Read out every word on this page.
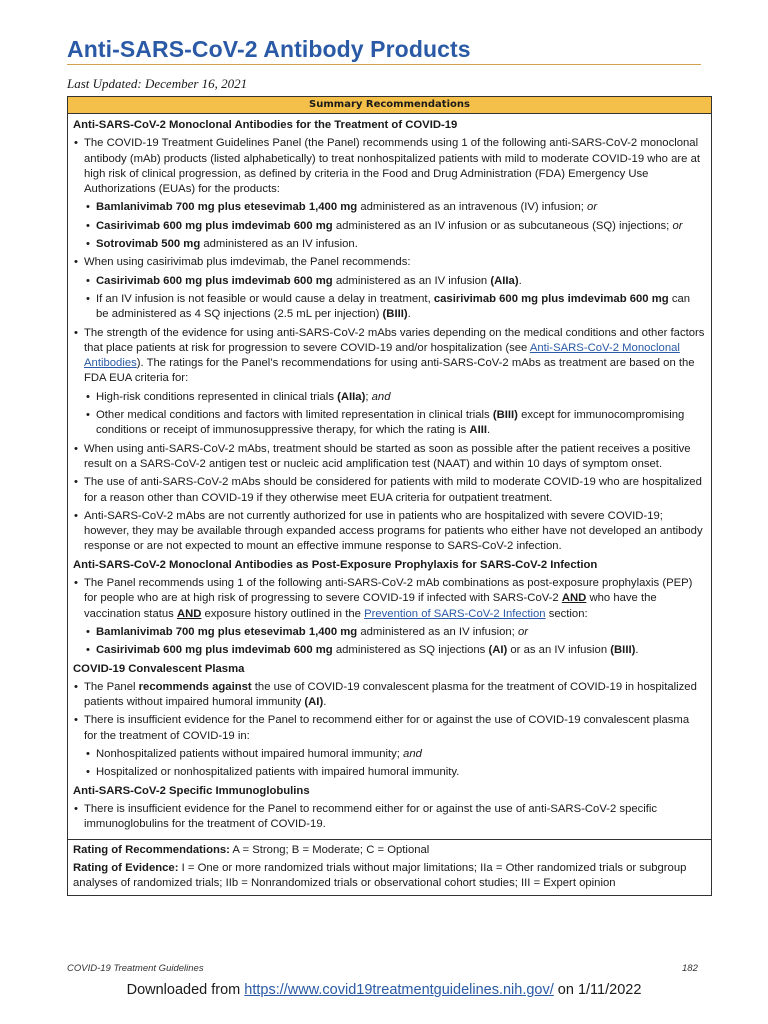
Anti-SARS-CoV-2 Antibody Products
Last Updated: December 16, 2021
Summary Recommendations
Anti-SARS-CoV-2 Monoclonal Antibodies for the Treatment of COVID-19
• The COVID-19 Treatment Guidelines Panel (the Panel) recommends using 1 of the following anti-SARS-CoV-2 monoclonal antibody (mAb) products (listed alphabetically) to treat nonhospitalized patients with mild to moderate COVID-19 who are at high risk of clinical progression, as defined by criteria in the Food and Drug Administration (FDA) Emergency Use Authorizations (EUAs) for the products:
• Bamlanivimab 700 mg plus etesevimab 1,400 mg administered as an intravenous (IV) infusion; or
• Casirivimab 600 mg plus imdevimab 600 mg administered as an IV infusion or as subcutaneous (SQ) injections; or
• Sotrovimab 500 mg administered as an IV infusion.
• When using casirivimab plus imdevimab, the Panel recommends:
• Casirivimab 600 mg plus imdevimab 600 mg administered as an IV infusion (AIIa).
• If an IV infusion is not feasible or would cause a delay in treatment, casirivimab 600 mg plus imdevimab 600 mg can be administered as 4 SQ injections (2.5 mL per injection) (BIII).
• The strength of the evidence for using anti-SARS-CoV-2 mAbs varies depending on the medical conditions and other factors that place patients at risk for progression to severe COVID-19 and/or hospitalization (see Anti-SARS-CoV-2 Monoclonal Antibodies). The ratings for the Panel’s recommendations for using anti-SARS-CoV-2 mAbs as treatment are based on the FDA EUA criteria for:
• High-risk conditions represented in clinical trials (AIIa); and
• Other medical conditions and factors with limited representation in clinical trials (BIII) except for immunocompromising conditions or receipt of immunosuppressive therapy, for which the rating is AIII.
• When using anti-SARS-CoV-2 mAbs, treatment should be started as soon as possible after the patient receives a positive result on a SARS-CoV-2 antigen test or nucleic acid amplification test (NAAT) and within 10 days of symptom onset.
• The use of anti-SARS-CoV-2 mAbs should be considered for patients with mild to moderate COVID-19 who are hospitalized for a reason other than COVID-19 if they otherwise meet EUA criteria for outpatient treatment.
• Anti-SARS-CoV-2 mAbs are not currently authorized for use in patients who are hospitalized with severe COVID-19; however, they may be available through expanded access programs for patients who either have not developed an antibody response or are not expected to mount an effective immune response to SARS-CoV-2 infection.
Anti-SARS-CoV-2 Monoclonal Antibodies as Post-Exposure Prophylaxis for SARS-CoV-2 Infection
• The Panel recommends using 1 of the following anti-SARS-CoV-2 mAb combinations as post-exposure prophylaxis (PEP) for people who are at high risk of progressing to severe COVID-19 if infected with SARS-CoV-2 AND who have the vaccination status AND exposure history outlined in the Prevention of SARS-CoV-2 Infection section:
• Bamlanivimab 700 mg plus etesevimab 1,400 mg administered as an IV infusion; or
• Casirivimab 600 mg plus imdevimab 600 mg administered as SQ injections (AI) or as an IV infusion (BIII).
COVID-19 Convalescent Plasma
• The Panel recommends against the use of COVID-19 convalescent plasma for the treatment of COVID-19 in hospitalized patients without impaired humoral immunity (AI).
• There is insufficient evidence for the Panel to recommend either for or against the use of COVID-19 convalescent plasma for the treatment of COVID-19 in:
• Nonhospitalized patients without impaired humoral immunity; and
• Hospitalized or nonhospitalized patients with impaired humoral immunity.
Anti-SARS-CoV-2 Specific Immunoglobulins
• There is insufficient evidence for the Panel to recommend either for or against the use of anti-SARS-CoV-2 specific immunoglobulins for the treatment of COVID-19.

Rating of Recommendations: A = Strong; B = Moderate; C = Optional

Rating of Evidence: I = One or more randomized trials without major limitations; IIa = Other randomized trials or subgroup analyses of randomized trials; IIb = Nonrandomized trials or observational cohort studies; III = Expert opinion

COVID-19 Treatment Guidelines	182
Downloaded from https://www.covid19treatmentguidelines.nih.gov/ on 1/11/2022
